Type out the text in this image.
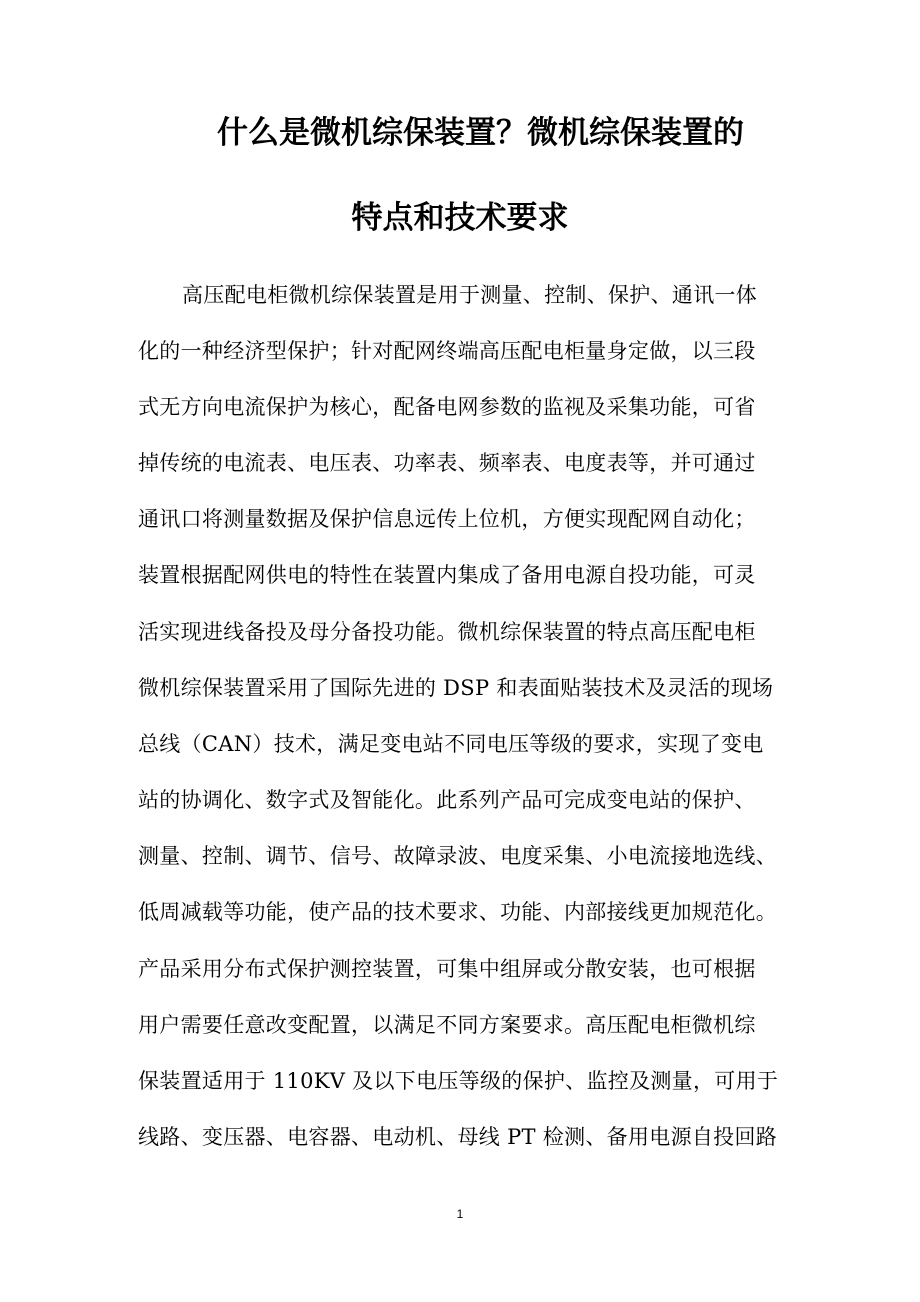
什么是微机综保装置？微机综保装置的
特点和技术要求
高压配电柜微机综保装置是用于测量、控制、保护、通讯一体
化的一种经济型保护；针对配网终端高压配电柜量身定做，以三段
式无方向电流保护为核心，配备电网参数的监视及采集功能，可省
掉传统的电流表、电压表、功率表、频率表、电度表等，并可通过
通讯口将测量数据及保护信息远传上位机，方便实现配网自动化；
装置根据配网供电的特性在装置内集成了备用电源自投功能，可灵
活实现进线备投及母分备投功能。微机综保装置的特点高压配电柜
微机综保装置采用了国际先进的 DSP 和表面贴装技术及灵活的现场
总线（CAN）技术，满足变电站不同电压等级的要求，实现了变电
站的协调化、数字式及智能化。此系列产品可完成变电站的保护、
测量、控制、调节、信号、故障录波、电度采集、小电流接地选线、
低周减载等功能，使产品的技术要求、功能、内部接线更加规范化。
产品采用分布式保护测控装置，可集中组屏或分散安装，也可根据
用户需要任意改变配置，以满足不同方案要求。高压配电柜微机综
保装置适用于 110KV 及以下电压等级的保护、监控及测量，可用于
线路、变压器、电容器、电动机、母线 PT 检测、备用电源自投回路
1
